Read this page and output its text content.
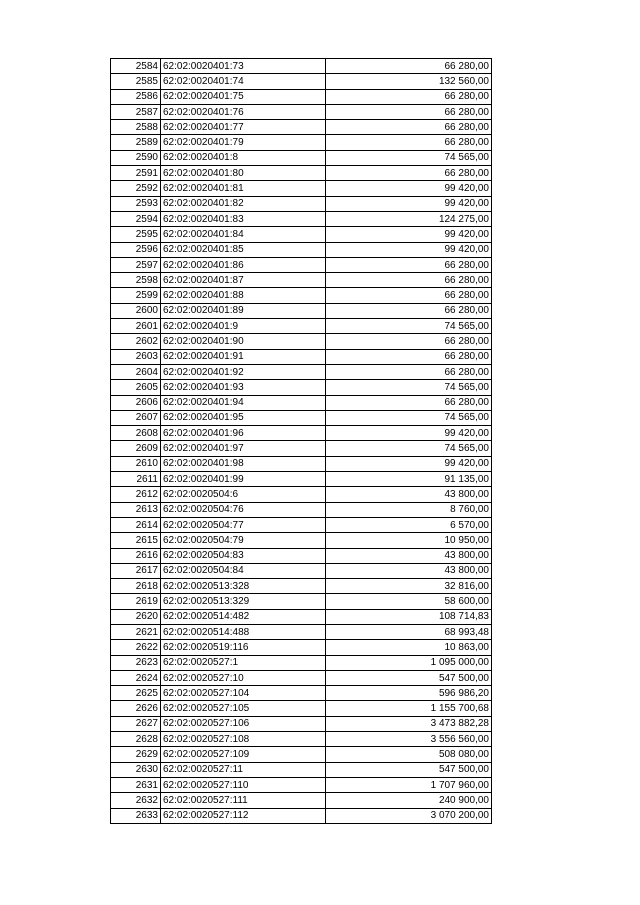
2584	62:02:0020401:73	66 280,00
2585	62:02:0020401:74	132 560,00
2586	62:02:0020401:75	66 280,00
2587	62:02:0020401:76	66 280,00
2588	62:02:0020401:77	66 280,00
2589	62:02:0020401:79	66 280,00
2590	62:02:0020401:8	74 565,00
2591	62:02:0020401:80	66 280,00
2592	62:02:0020401:81	99 420,00
2593	62:02:0020401:82	99 420,00
2594	62:02:0020401:83	124 275,00
2595	62:02:0020401:84	99 420,00
2596	62:02:0020401:85	99 420,00
2597	62:02:0020401:86	66 280,00
2598	62:02:0020401:87	66 280,00
2599	62:02:0020401:88	66 280,00
2600	62:02:0020401:89	66 280,00
2601	62:02:0020401:9	74 565,00
2602	62:02:0020401:90	66 280,00
2603	62:02:0020401:91	66 280,00
2604	62:02:0020401:92	66 280,00
2605	62:02:0020401:93	74 565,00
2606	62:02:0020401:94	66 280,00
2607	62:02:0020401:95	74 565,00
2608	62:02:0020401:96	99 420,00
2609	62:02:0020401:97	74 565,00
2610	62:02:0020401:98	99 420,00
2611	62:02:0020401:99	91 135,00
2612	62:02:0020504:6	43 800,00
2613	62:02:0020504:76	8 760,00
2614	62:02:0020504:77	6 570,00
2615	62:02:0020504:79	10 950,00
2616	62:02:0020504:83	43 800,00
2617	62:02:0020504:84	43 800,00
2618	62:02:0020513:328	32 816,00
2619	62:02:0020513:329	58 600,00
2620	62:02:0020514:482	108 714,83
2621	62:02:0020514:488	68 993,48
2622	62:02:0020519:116	10 863,00
2623	62:02:0020527:1	1 095 000,00
2624	62:02:0020527:10	547 500,00
2625	62:02:0020527:104	596 986,20
2626	62:02:0020527:105	1 155 700,68
2627	62:02:0020527:106	3 473 882,28
2628	62:02:0020527:108	3 556 560,00
2629	62:02:0020527:109	508 080,00
2630	62:02:0020527:11	547 500,00
2631	62:02:0020527:110	1 707 960,00
2632	62:02:0020527:111	240 900,00
2633	62:02:0020527:112	3 070 200,00
